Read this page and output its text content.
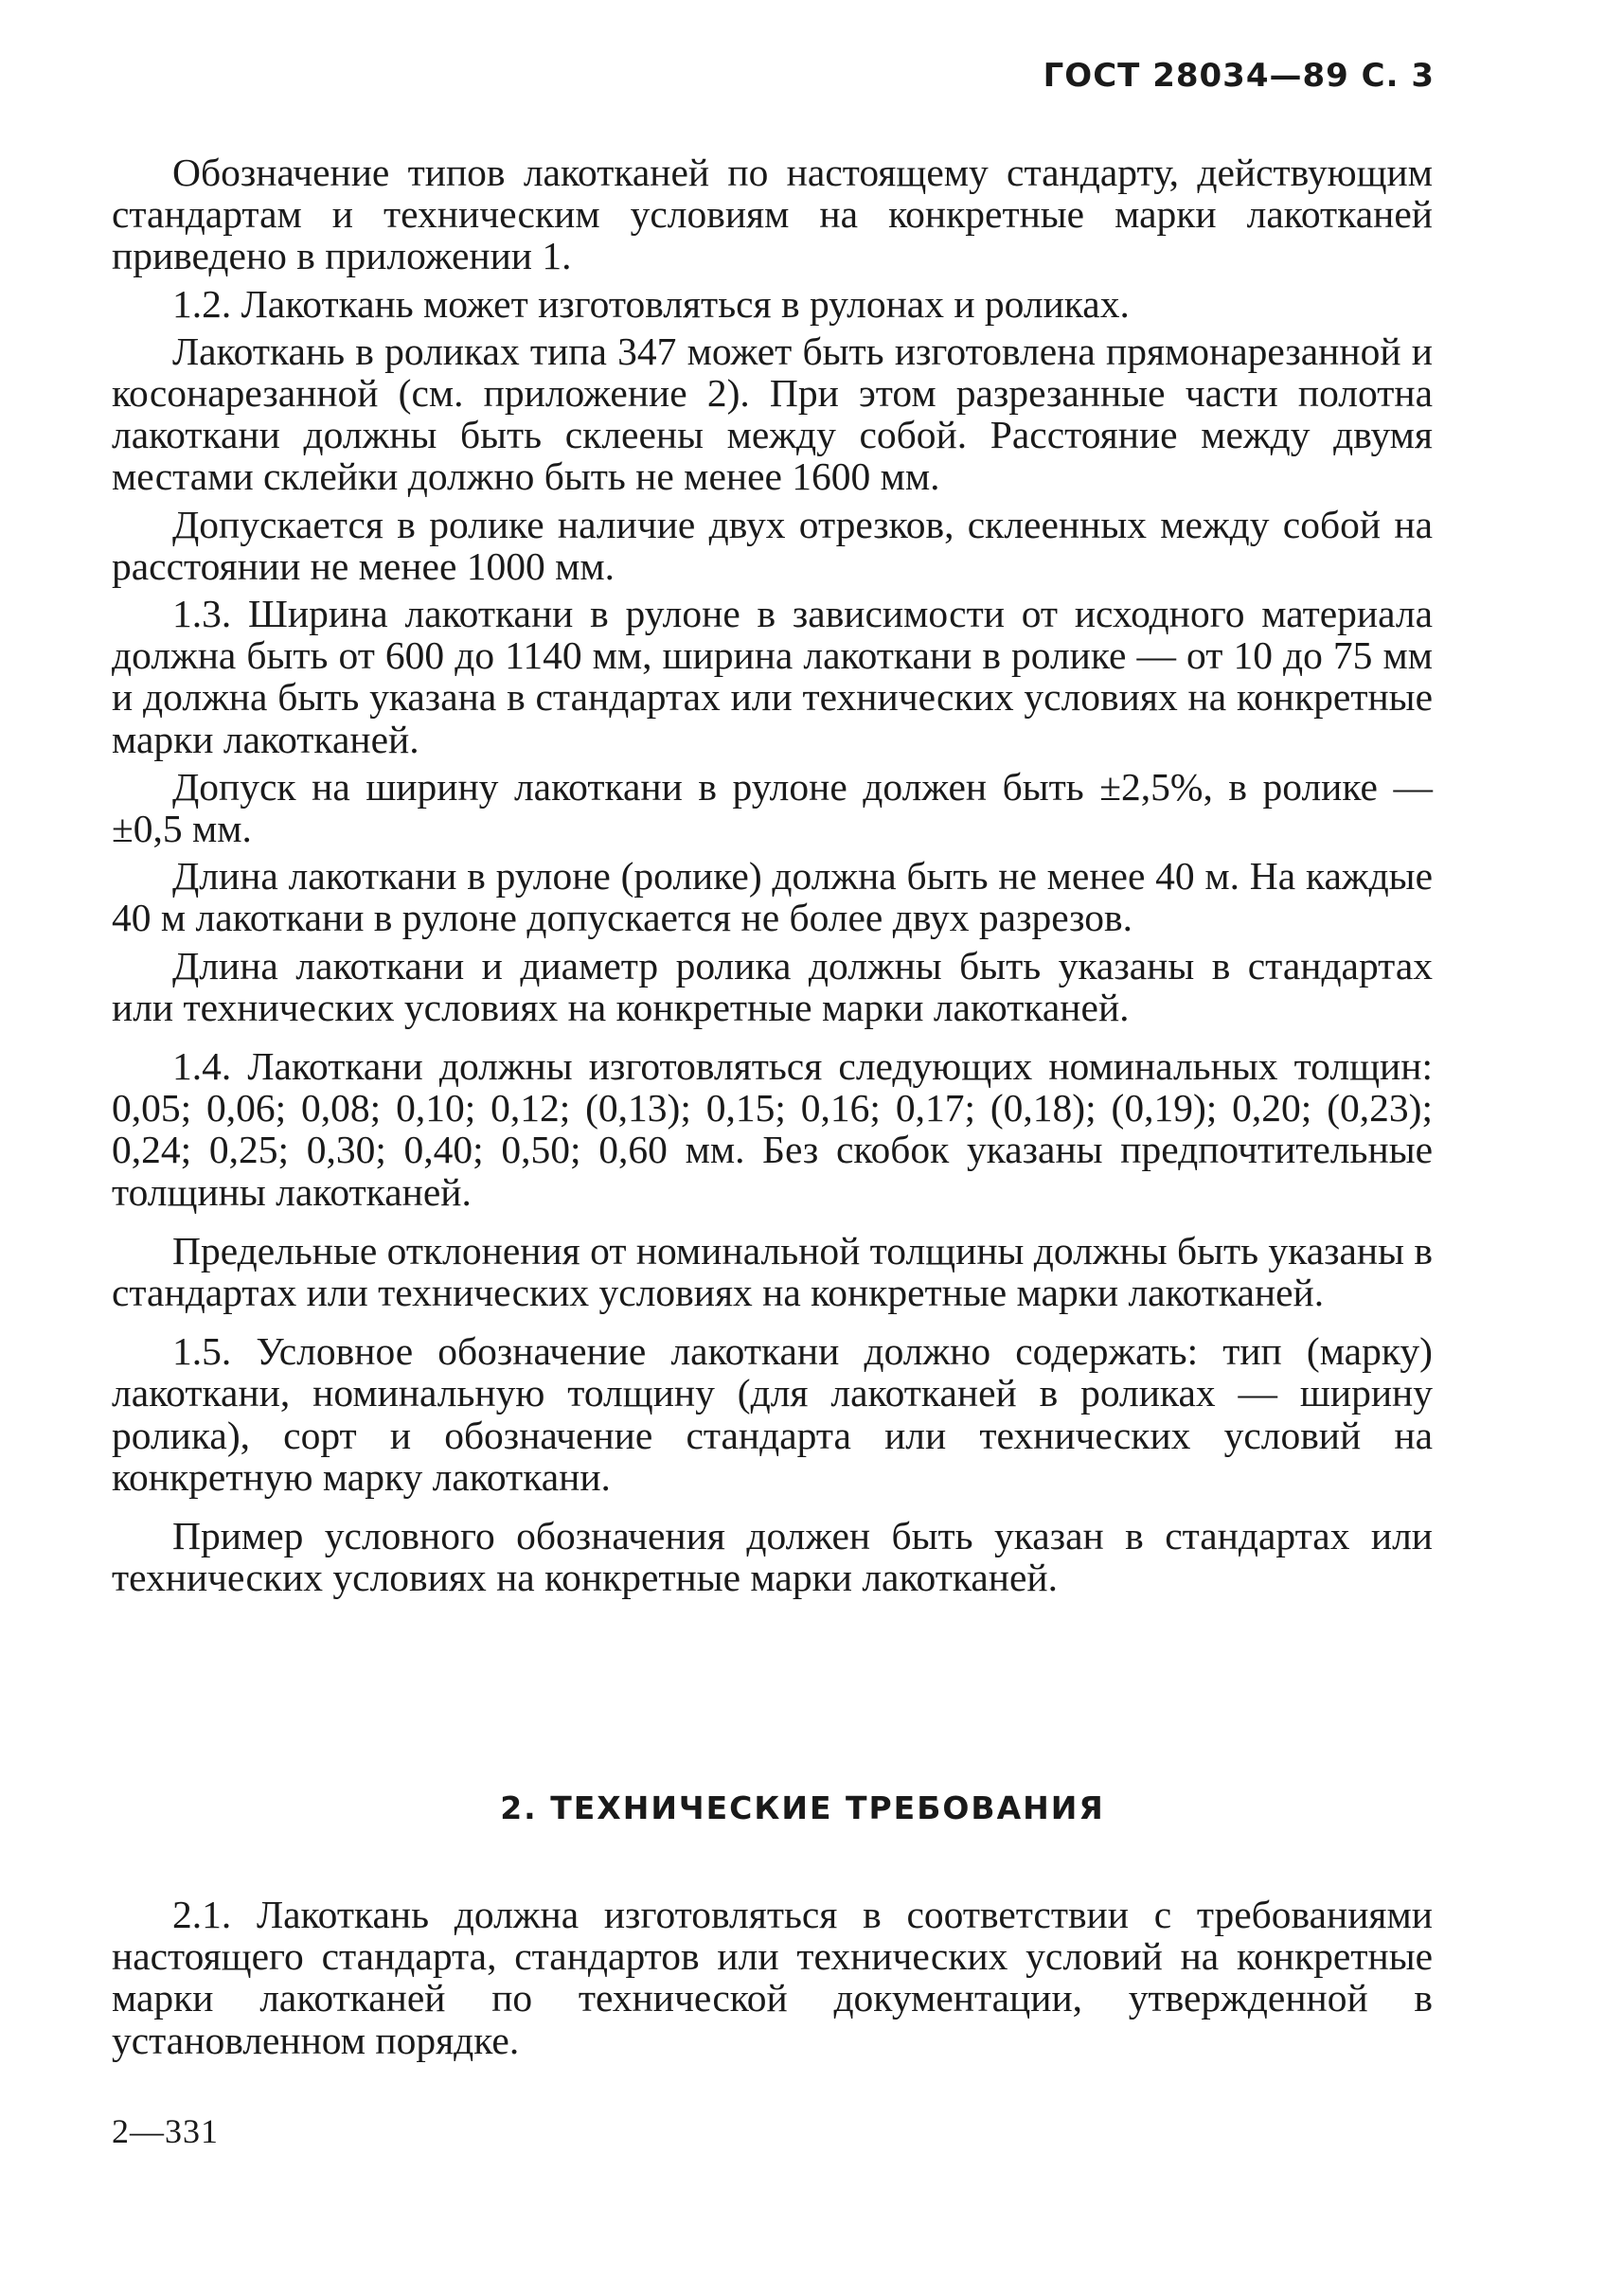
ГОСТ 28034—89 С. 3

Обозначение типов лакотканей по настоящему стандарту, действующим стандартам и техническим условиям на конкретные марки лакотканей приведено в приложении 1.

1.2. Лакоткань может изготовляться в рулонах и роликах.

Лакоткань в роликах типа 347 может быть изготовлена прямонарезанной и косонарезанной (см. приложение 2). При этом разрезанные части полотна лакоткани должны быть склеены между собой. Расстояние между двумя местами склейки должно быть не менее 1600 мм.

Допускается в ролике наличие двух отрезков, склеенных между собой на расстоянии не менее 1000 мм.

1.3. Ширина лакоткани в рулоне в зависимости от исходного материала должна быть от 600 до 1140 мм, ширина лакоткани в ролике — от 10 до 75 мм и должна быть указана в стандартах или технических условиях на конкретные марки лакотканей.

Допуск на ширину лакоткани в рулоне должен быть ±2,5%, в ролике — ±0,5 мм.

Длина лакоткани в рулоне (ролике) должна быть не менее 40 м. На каждые 40 м лакоткани в рулоне допускается не более двух разрезов.

Длина лакоткани и диаметр ролика должны быть указаны в стандартах или технических условиях на конкретные марки лакотканей.

1.4. Лакоткани должны изготовляться следующих номинальных толщин: 0,05; 0,06; 0,08; 0,10; 0,12; (0,13); 0,15; 0,16; 0,17; (0,18); (0,19); 0,20; (0,23); 0,24; 0,25; 0,30; 0,40; 0,50; 0,60 мм. Без скобок указаны предпочтительные толщины лакотканей.

Предельные отклонения от номинальной толщины должны быть указаны в стандартах или технических условиях на конкретные марки лакотканей.

1.5. Условное обозначение лакоткани должно содержать: тип (марку) лакоткани, номинальную толщину (для лакотканей в роликах — ширину ролика), сорт и обозначение стандарта или технических условий на конкретную марку лакоткани.

Пример условного обозначения должен быть указан в стандартах или технических условиях на конкретные марки лакотканей.

2. ТЕХНИЧЕСКИЕ ТРЕБОВАНИЯ

2.1. Лакоткань должна изготовляться в соответствии с требованиями настоящего стандарта, стандартов или технических условий на конкретные марки лакотканей по технической документации, утвержденной в установленном порядке.

2—331
